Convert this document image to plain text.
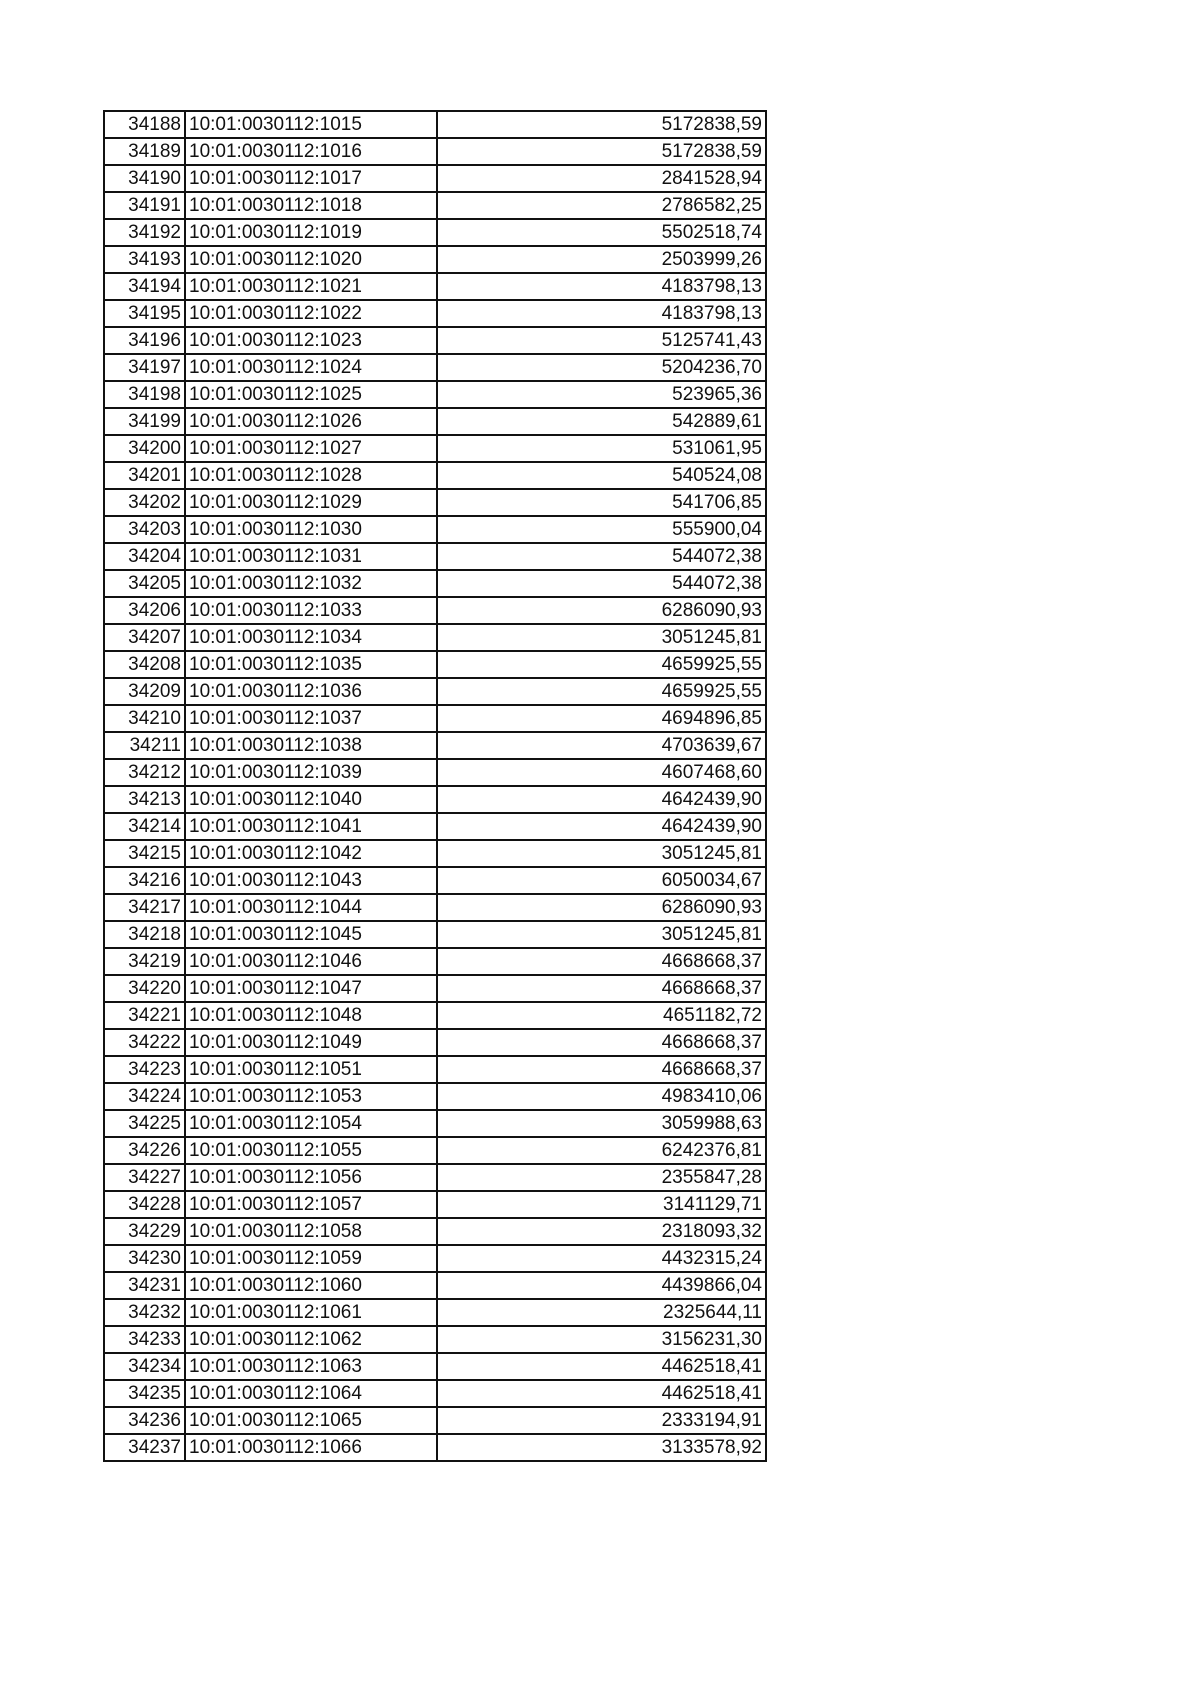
34188	10:01:0030112:1015	5172838,59
34189	10:01:0030112:1016	5172838,59
34190	10:01:0030112:1017	2841528,94
34191	10:01:0030112:1018	2786582,25
34192	10:01:0030112:1019	5502518,74
34193	10:01:0030112:1020	2503999,26
34194	10:01:0030112:1021	4183798,13
34195	10:01:0030112:1022	4183798,13
34196	10:01:0030112:1023	5125741,43
34197	10:01:0030112:1024	5204236,70
34198	10:01:0030112:1025	523965,36
34199	10:01:0030112:1026	542889,61
34200	10:01:0030112:1027	531061,95
34201	10:01:0030112:1028	540524,08
34202	10:01:0030112:1029	541706,85
34203	10:01:0030112:1030	555900,04
34204	10:01:0030112:1031	544072,38
34205	10:01:0030112:1032	544072,38
34206	10:01:0030112:1033	6286090,93
34207	10:01:0030112:1034	3051245,81
34208	10:01:0030112:1035	4659925,55
34209	10:01:0030112:1036	4659925,55
34210	10:01:0030112:1037	4694896,85
34211	10:01:0030112:1038	4703639,67
34212	10:01:0030112:1039	4607468,60
34213	10:01:0030112:1040	4642439,90
34214	10:01:0030112:1041	4642439,90
34215	10:01:0030112:1042	3051245,81
34216	10:01:0030112:1043	6050034,67
34217	10:01:0030112:1044	6286090,93
34218	10:01:0030112:1045	3051245,81
34219	10:01:0030112:1046	4668668,37
34220	10:01:0030112:1047	4668668,37
34221	10:01:0030112:1048	4651182,72
34222	10:01:0030112:1049	4668668,37
34223	10:01:0030112:1051	4668668,37
34224	10:01:0030112:1053	4983410,06
34225	10:01:0030112:1054	3059988,63
34226	10:01:0030112:1055	6242376,81
34227	10:01:0030112:1056	2355847,28
34228	10:01:0030112:1057	3141129,71
34229	10:01:0030112:1058	2318093,32
34230	10:01:0030112:1059	4432315,24
34231	10:01:0030112:1060	4439866,04
34232	10:01:0030112:1061	2325644,11
34233	10:01:0030112:1062	3156231,30
34234	10:01:0030112:1063	4462518,41
34235	10:01:0030112:1064	4462518,41
34236	10:01:0030112:1065	2333194,91
34237	10:01:0030112:1066	3133578,92
